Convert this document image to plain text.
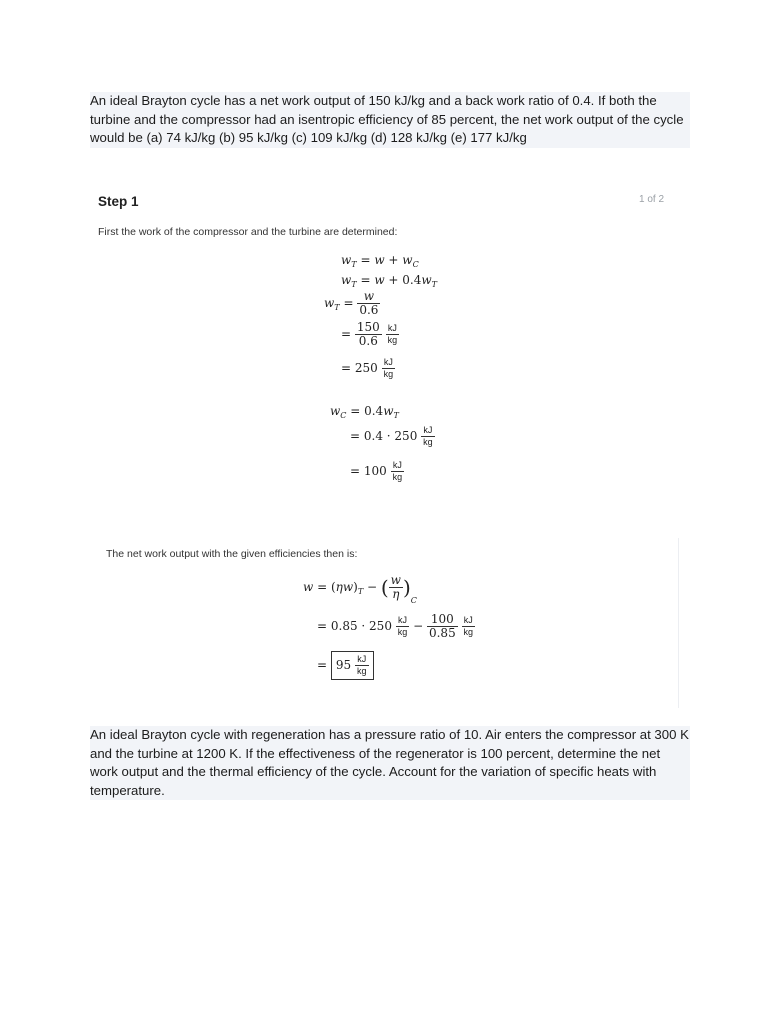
An ideal Brayton cycle has a net work output of 150 kJ/kg and a back work ratio of 0.4. If both the turbine and the compressor had an isentropic efficiency of 85 percent, the net work output of the cycle would be (a) 74 kJ/kg (b) 95 kJ/kg (c) 109 kJ/kg (d) 128 kJ/kg (e) 177 kJ/kg
Step 1	1 of 2
First the work of the compressor and the turbine are determined:
$w_T = w + w_C$
$w_T = w + 0.4w_T$
$w_T = \frac{w}{0.6}$
= $\frac{150}{0.6}$
$\frac{kJ}{kg}$
= $250 \frac{kJ}{kg}$
$w_C = 0.4w_T$
= $0.4 \cdot 250 \frac{kJ}{kg}$
= $100 \frac{kJ}{kg}$
The net work output with the given efficiencies then is:
$w = (\eta w)_T$ − ( $\frac{w}{\eta} )_C$
= $0.85 \cdot 250 \frac{kJ}{kg} - \frac{100}{0.85}$
$\frac{kJ}{kg}$
= $95 \frac{kJ}{kg}$
An ideal Brayton cycle with regeneration has a pressure ratio of 10. Air enters the compressor at 300 K and the turbine at 1200 K. If the effectiveness of the regenerator is 100 percent, determine the net work output and the thermal efficiency of the cycle. Account for the variation of specific heats with temperature.
